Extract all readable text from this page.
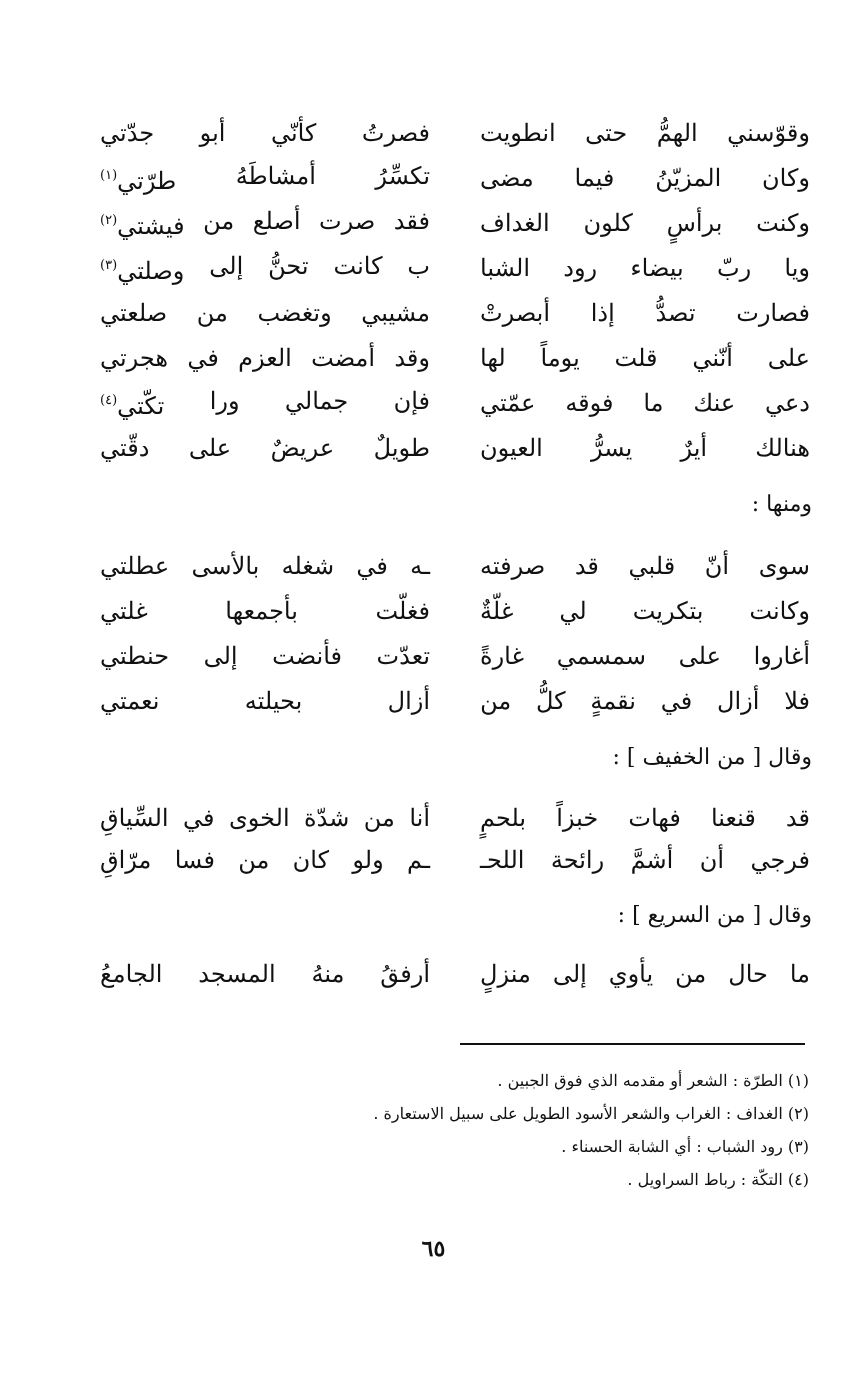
وقوّسني
الهمُّ
حتى
انطويت
فصرتُ
كأنّي
أبو
جدّتي
وكان
المزيّنُ
فيما
مضى
تكسِّرُ
أمشاطَهُ
طرّتي$^{(١)}$
وكنت
برأسٍ
كلون
الغداف
فقد
صرت
أصلع
من
فيشتي$^{(٢)}$
ويا
ربّ
بيضاء
رود
الشبا
ب
كانت
تحنُّ
إلى
وصلتي$^{(٣)}$
فصارت
تصدُّ
إذا
أبصرتْ
مشيبي
وتغضب
من
صلعتي
على
أنّني
قلت
يوماً
لها
وقد
أمضت
العزم
في
هجرتي
دعي
عنك
ما
فوقه
عمّتي
فإن
جمالي
ورا
تكّتي$^{(٤)}$
هنالك
أيرٌ
يسرُّ
العيون
طويلٌ
عريضٌ
على
دقّتي
ومنها :
سوى
أنّ
قلبي
قد
صرفته
ـه
في
شغله
بالأسى
عطلتي
وكانت
بتكريت
لي
غلّةٌ
فغلّت
بأجمعها
غلتي
أغاروا
على
سمسمي
غارةً
تعدّت
فأنضت
إلى
حنطتي
فلا
أزال
في
نقمةٍ
كلُّ
من
أزال
بحيلته
نعمتي
وقال [ من الخفيف ] :
قد
قنعنا
فهات
خبزاً
بلحمٍ
أنا
من
شدّة
الخوى
في
السِّياقِ
فرجي
أن
أشمَّ
رائحة
اللحـ
ـم
ولو
كان
من
فسا
مرّاقِ
وقال [ من السريع ] :
ما
حال
من
يأوي
إلى
منزلٍ
أرفقُ
منهُ
المسجد
الجامعُ
(١) الطرّة : الشعر أو مقدمه الذي فوق الجبين .
(٢) الغداف : الغراب والشعر الأسود الطويل على سبيل الاستعارة .
(٣) رود الشباب : أي الشابة الحسناء .
(٤) التكّة : رباط السراويل .
٦٥
